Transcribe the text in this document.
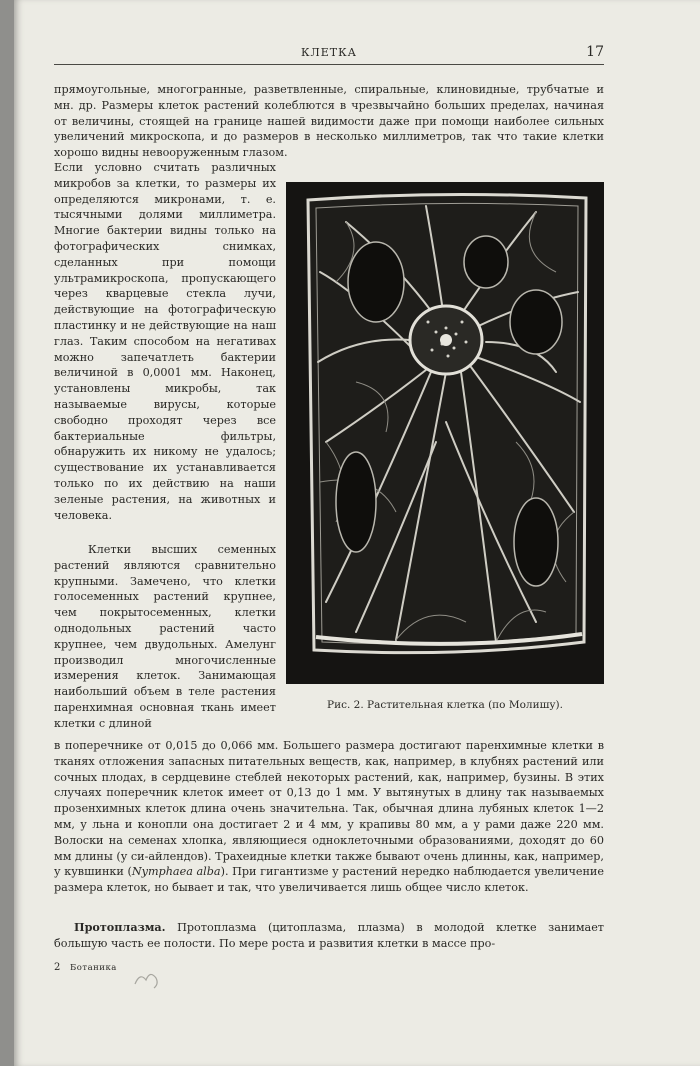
КЛЕТКА	17

прямоугольные, многогранные, разветвленные, спиральные, клиновидные, трубчатые и мн. др. Размеры клеток растений колеблются в чрезвычайно больших пределах, начиная от величины, стоящей на границе нашей видимости даже при помощи наиболее сильных увеличений микроскопа, и до размеров в несколько миллиметров, так что такие клетки хорошо видны невооруженным глазом.

Если условно считать различных микробов за клетки, то размеры их определяются микронами, т. е. тысячными долями миллиметра. Многие бактерии видны только на фотографических снимках, сделанных при помощи ультрамикроскопа, пропускающего через кварцевые стекла лучи, действующие на фотографическую пластинку и не действующие на наш глаз. Таким способом на негативах можно запечатлеть бактерии величиной в 0,0001 мм. Наконец, установлены микробы, так называемые вирусы, которые свободно проходят через все бактериальные фильтры, обнаружить их никому не удалось; существование их устанавливается только по их действию на наши зеленые растения, на животных и человека.

Клетки высших семенных растений являются сравнительно крупными. Замечено, что клетки голосеменных растений крупнее, чем покрытосеменных, клетки однодольных растений часто крупнее, чем двудольных. Амелунг производил многочисленные измерения клеток. Занимающая наибольший объем в теле растения паренхимная основная ткань имеет клетки с длиной

Рис. 2. Растительная клетка (по Молишу).

в поперечнике от 0,015 до 0,066 мм. Большего размера достигают паренхимные клетки в тканях отложения запасных питательных веществ, как, например, в клубнях растений или сочных плодах, в сердцевине стеблей некоторых растений, как, например, бузины. В этих случаях поперечник клеток имеет от 0,13 до 1 мм. У вытянутых в длину так называемых прозенхимных клеток длина очень значительна. Так, обычная длина лубяных клеток 1—2 мм, у льна и конопли она достигает 2 и 4 мм, у крапивы 80 мм, а у рами даже 220 мм. Волоски на семенах хлопка, являющиеся одноклеточными образованиями, доходят до 60 мм длины (у си-айлендов). Трахеидные клетки также бывают очень длинны, как, например, у кувшинки (Nymphaea alba). При гигантизме у растений нередко наблюдается увеличение размера клеток, но бывает и так, что увеличивается лишь общее число клеток.

Протоплазма. Протоплазма (цитоплазма, плазма) в молодой клетке занимает большую часть ее полости. По мере роста и развития клетки в массе про-

2 Ботаника
